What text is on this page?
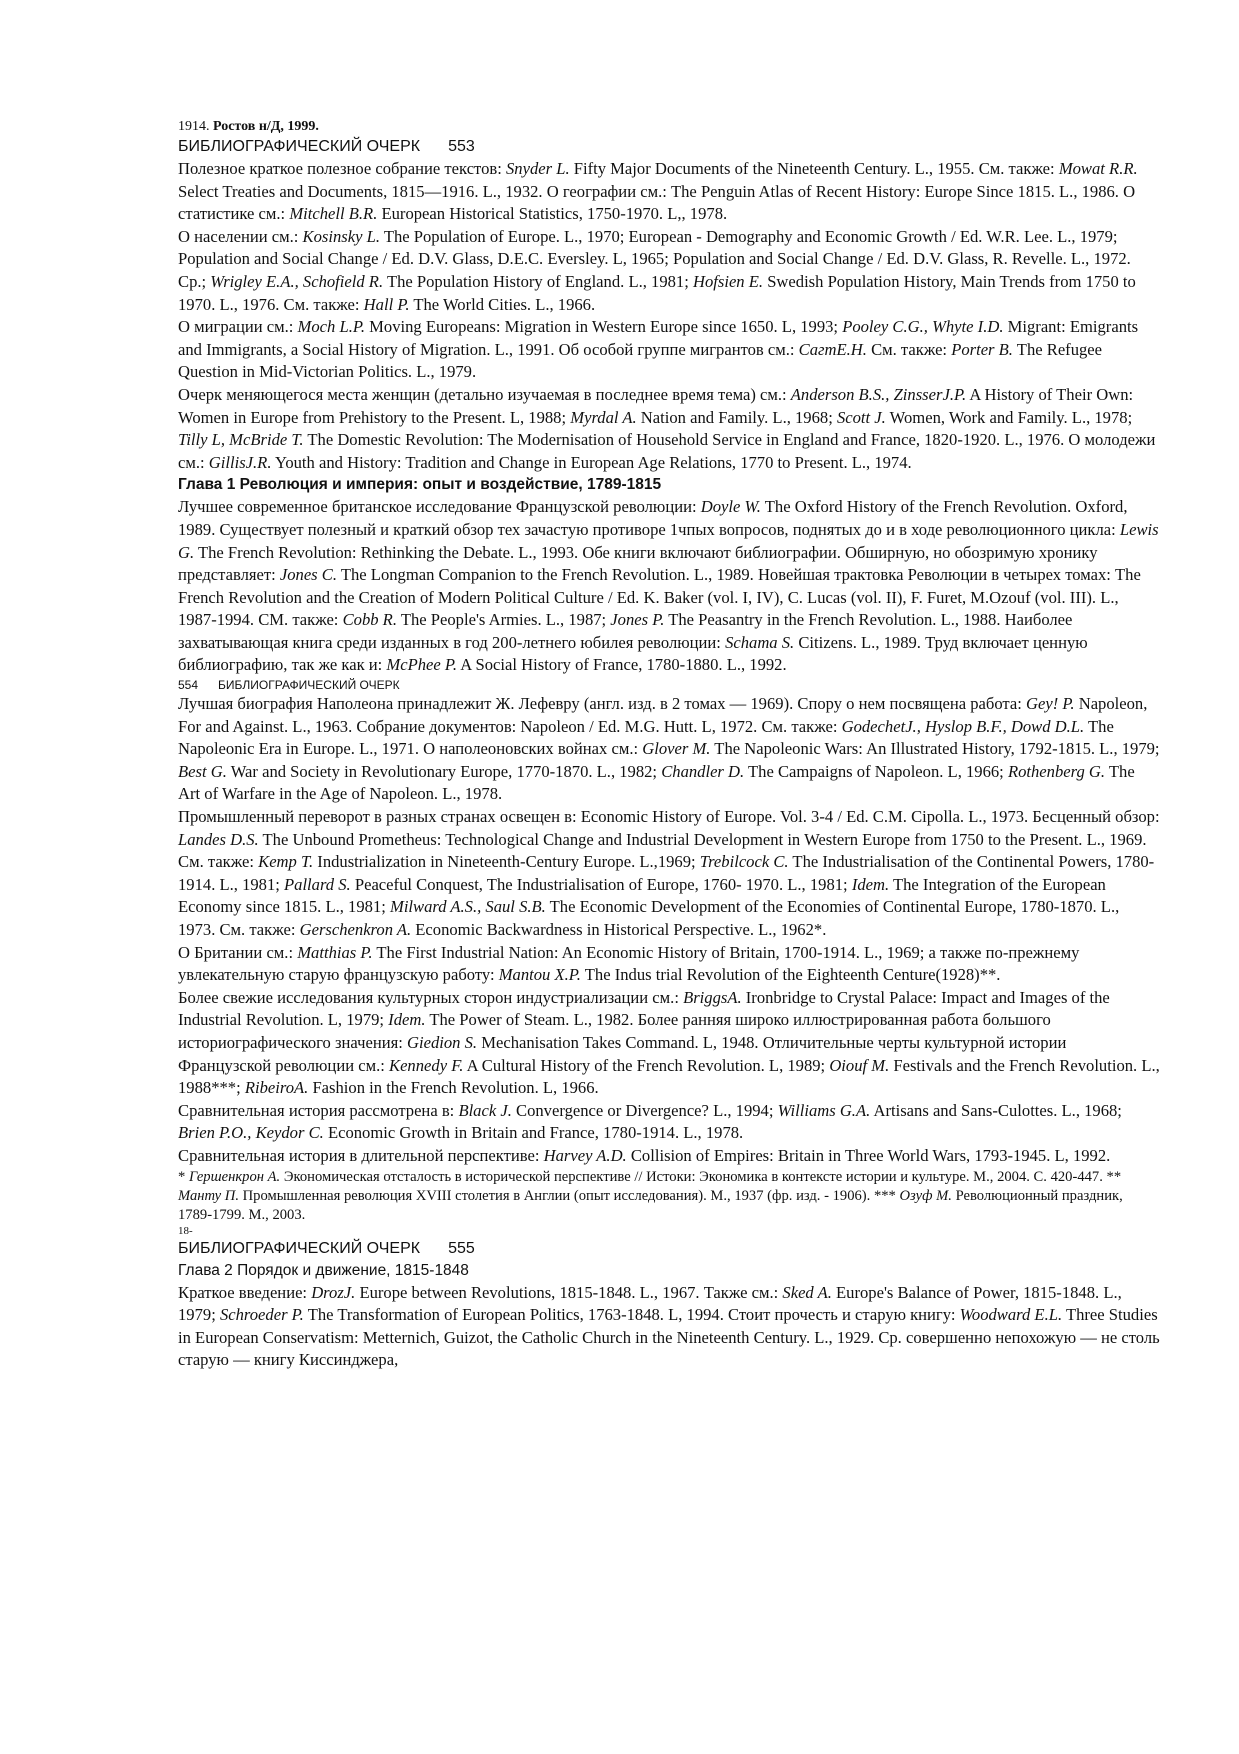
1914. Ростов н/Д, 1999.
БИБЛИОГРАФИЧЕСКИЙ ОЧЕРК 553
Полезное краткое полезное собрание текстов: Snyder L. Fifty Major Documents of the Nineteenth Century. L., 1955. См. также: Mowat R.R. Select Treaties and Documents, 1815—1916. L., 1932. О географии см.: The Penguin Atlas of Recent History: Europe Since 1815. L., 1986. О статистике см.: Mitchell B.R. European Historical Statistics, 1750-1970. L,, 1978.
О населении см.: Kosinsky L. The Population of Europe. L., 1970; European - Demography and Economic Growth / Ed. W.R. Lee. L., 1979; Population and Social Change / Ed. D.V. Glass, D.E.C. Eversley. L, 1965; Population and Social Change / Ed. D.V. Glass, R. Revelle. L., 1972. Ср.; Wrigley E.A., Schofield R. The Population History of England. L., 1981; Hofsien E. Swedish Population History, Main Trends from 1750 to 1970. L., 1976. См. также: Hall P. The World Cities. L., 1966.
О миграции см.: Moch L.P. Moving Europeans: Migration in Western Europe since 1650. L, 1993; Pooley C.G., Whyte I.D. Migrant: Emigrants and Immigrants, a Social History of Migration. L., 1991. Об особой группе мигрантов см.: CaгmE.H. См. также: Porter B. The Refugee Question in Mid-Victorian Politics. L., 1979.
Очерк меняющегося места женщин (детально изучаемая в последнее время тема) см.: Anderson B.S., ZinsserJ.P. A History of Their Own: Women in Europe from Prehistory to the Present. L, 1988; Myrdal A. Nation and Family. L., 1968; Scott J. Women, Work and Family. L., 1978; Tilly L, McBride T. The Domestic Revolution: The Modernisation of Household Service in England and France, 1820-1920. L., 1976. О молодежи см.: GillisJ.R. Youth and History: Tradition and Change in European Age Relations, 1770 to Present. L., 1974.
Глава 1 Революция и империя: опыт и воздействие, 1789-1815
Лучшее современное британское исследование Французской революции: Doyle W. The Oxford History of the French Revolution. Oxford, 1989. Существует полезный и краткий обзор тех зачастую противоре 1чпых вопросов, поднятых до и в ходе революционного цикла: Lewis G. The French Revolution: Rethinking the Debate. L., 1993. Обе книги включают библиографии. Обширную, но обозримую хронику представляет: Jones C. The Longman Companion to the French Revolution. L., 1989. Новейшая трактовка Революции в четырех томах: The French Revolution and the Creation of Modern Political Culture / Ed. K. Baker (vol. I, IV), C. Lucas (vol. II), F. Furet, M.Ozouf (vol. III). L., 1987-1994. СМ. также: Cobb R. The People's Armies. L., 1987; Jones P. The Peasantry in the French Revolution. L., 1988. Наиболее захватывающая книга среди изданных в год 200-летнего юбилея революции: Schama S. Citizens. L., 1989. Труд включает ценную библиографию, так же как и: McPhee P. A Social History of France, 1780-1880. L., 1992.
554 БИБЛИОГРАФИЧЕСКИЙ ОЧЕРК
Лучшая биография Наполеона принадлежит Ж. Лефевру (англ. изд. в 2 томах — 1969). Спору о нем посвящена работа: Gey! P. Napoleon, For and Against. L., 1963. Собрание документов: Napoleon / Ed. M.G. Hutt. L, 1972. См. также: GodechetJ., Hyslop B.F., Dowd D.L. The Napoleonic Era in Europe. L., 1971. О наполеоновских войнах см.: Glover M. The Napoleonic Wars: An Illustrated History, 1792-1815. L., 1979; Best G. War and Society in Revolutionary Europe, 1770-1870. L., 1982; Chandler D. The Campaigns of Napoleon. L, 1966; Rothenberg G. The Art of Warfare in the Age of Napoleon. L., 1978.
Промышленный переворот в разных странах освещен в: Economic History of Europe. Vol. 3-4 / Ed. C.M. Cipolla. L., 1973. Бесценный обзор: Landes D.S. The Unbound Prometheus: Technological Change and Industrial Development in Western Europe from 1750 to the Present. L., 1969. См. также: Kemp T. Industrialization in Nineteenth-Century Europe. L.,1969; Trebilcock C. The Industrialisation of the Continental Powers, 1780-1914. L., 1981; Pallard S. Peaceful Conquest, The Industrialisation of Europe, 1760- 1970. L., 1981; Idem. The Integration of the European Economy since 1815. L., 1981; Milward A.S., Saul S.B. The Economic Development of the Economies of Continental Europe, 1780-1870. L., 1973. См. также: Gerschenkron A. Economic Backwardness in Historical Perspective. L., 1962*.
О Британии см.: Matthias P. The First Industrial Nation: An Economic History of Britain, 1700-1914. L., 1969; а также по-прежнему увлекательную старую французскую работу: Mantou X.P. The Indus trial Revolution of the Eighteenth Centure(1928)**.
Более свежие исследования культурных сторон индустриализации см.: BriggsA. Ironbridge to Crystal Palace: Impact and Images of the Industrial Revolution. L, 1979; Idem. The Power of Steam. L., 1982. Более ранняя широко иллюстрированная работа большого историографического значения: Giedion S. Mechanisation Takes Command. L, 1948. Отличительные черты культурной истории Французской революции см.: Kennedy F. A Cultural History of the French Revolution. L, 1989; Oiouf M. Festivals and the French Revolution. L., 1988***; RibeiroA. Fashion in the French Revolution. L, 1966.
Сравнительная история рассмотрена в: Black J. Convergence or Divergence? L., 1994; Williams G.A. Artisans and Sans-Culottes. L., 1968; Brien P.O., Keydor C. Economic Growth in Britain and France, 1780-1914. L., 1978.
Сравнительная история в длительной перспективе: Harvey A.D. Collision of Empires: Britain in Three World Wars, 1793-1945. L, 1992.
* Гершенкрон А. Экономическая отсталость в исторической перспективе // Истоки: Экономика в контексте истории и культуре. М., 2004. С. 420-447. ** Манту П. Промышленная революция XVIII столетия в Англии (опыт исследования). М., 1937 (фр. изд. - 1906). *** Озуф М. Революционный праздник, 1789-1799. М., 2003.
18-
БИБЛИОГРАФИЧЕСКИЙ ОЧЕРК 555
Глава 2 Порядок и движение, 1815-1848
Краткое введение: DrozJ. Europe between Revolutions, 1815-1848. L., 1967. Также см.: Sked A. Europe's Balance of Power, 1815-1848. L., 1979; Schroeder P. The Transformation of European Politics, 1763-1848. L, 1994. Стоит прочесть и старую книгу: Woodward E.L. Three Studies in European Conservatism: Metternich, Guizot, the Catholic Church in the Nineteenth Century. L., 1929. Ср. совершенно непохожую — не столь старую — книгу Киссинджера,
